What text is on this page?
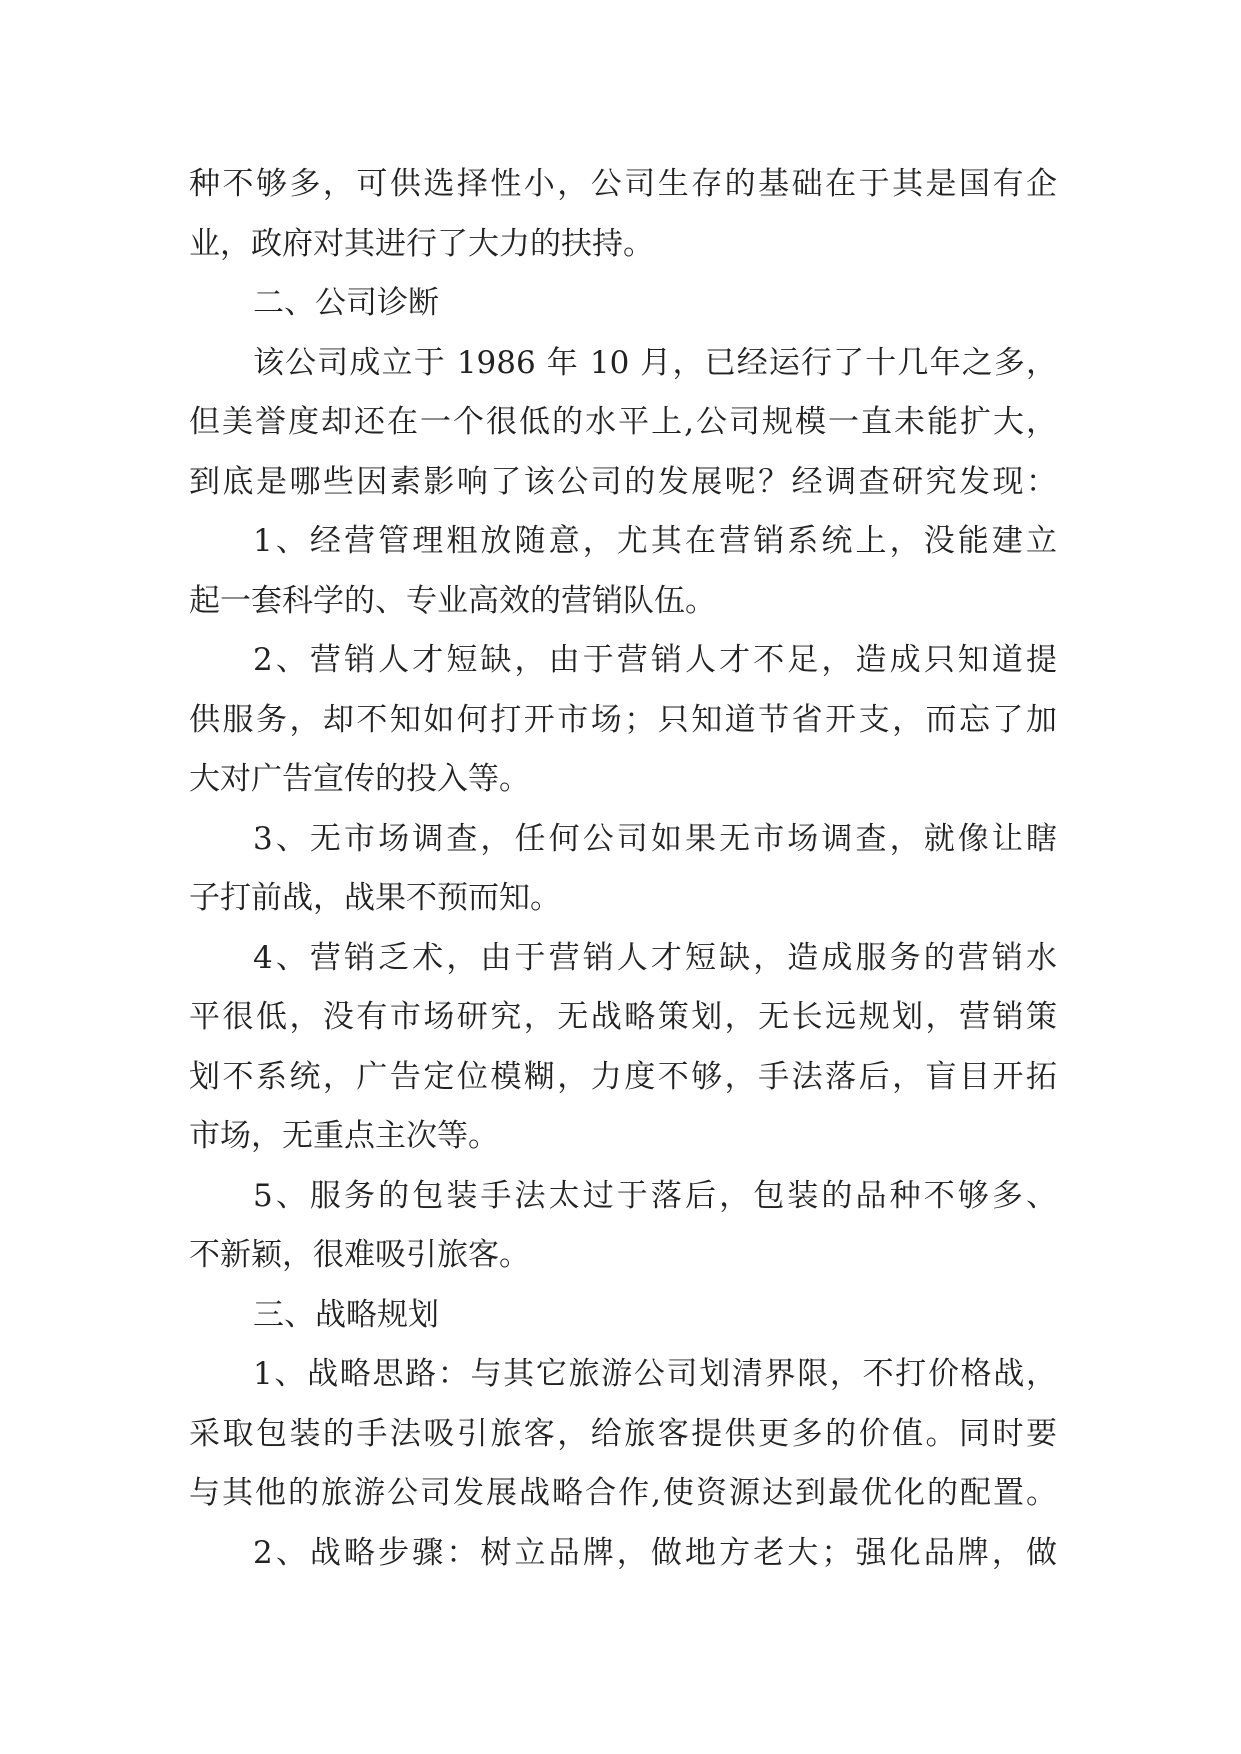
种不够多，可供选择性小，公司生存的基础在于其是国有企
业，政府对其进行了大力的扶持。
二、公司诊断
该公司成立于 1986 年 10 月，已经运行了十几年之多，
但美誉度却还在一个很低的水平上,公司规模一直未能扩大，
到底是哪些因素影响了该公司的发展呢？经调查研究发现：
1、经营管理粗放随意，尤其在营销系统上，没能建立
起一套科学的、专业高效的营销队伍。
2、营销人才短缺，由于营销人才不足，造成只知道提
供服务，却不知如何打开市场；只知道节省开支，而忘了加
大对广告宣传的投入等。
3、无市场调查，任何公司如果无市场调查，就像让瞎
子打前战，战果不预而知。
4、营销乏术，由于营销人才短缺，造成服务的营销水
平很低，没有市场研究，无战略策划，无长远规划，营销策
划不系统，广告定位模糊，力度不够，手法落后，盲目开拓
市场，无重点主次等。
5、服务的包装手法太过于落后，包装的品种不够多、
不新颖，很难吸引旅客。
三、战略规划
1、战略思路：与其它旅游公司划清界限，不打价格战，
采取包装的手法吸引旅客，给旅客提供更多的价值。同时要
与其他的旅游公司发展战略合作,使资源达到最优化的配置。
2、战略步骤：树立品牌，做地方老大；强化品牌，做
